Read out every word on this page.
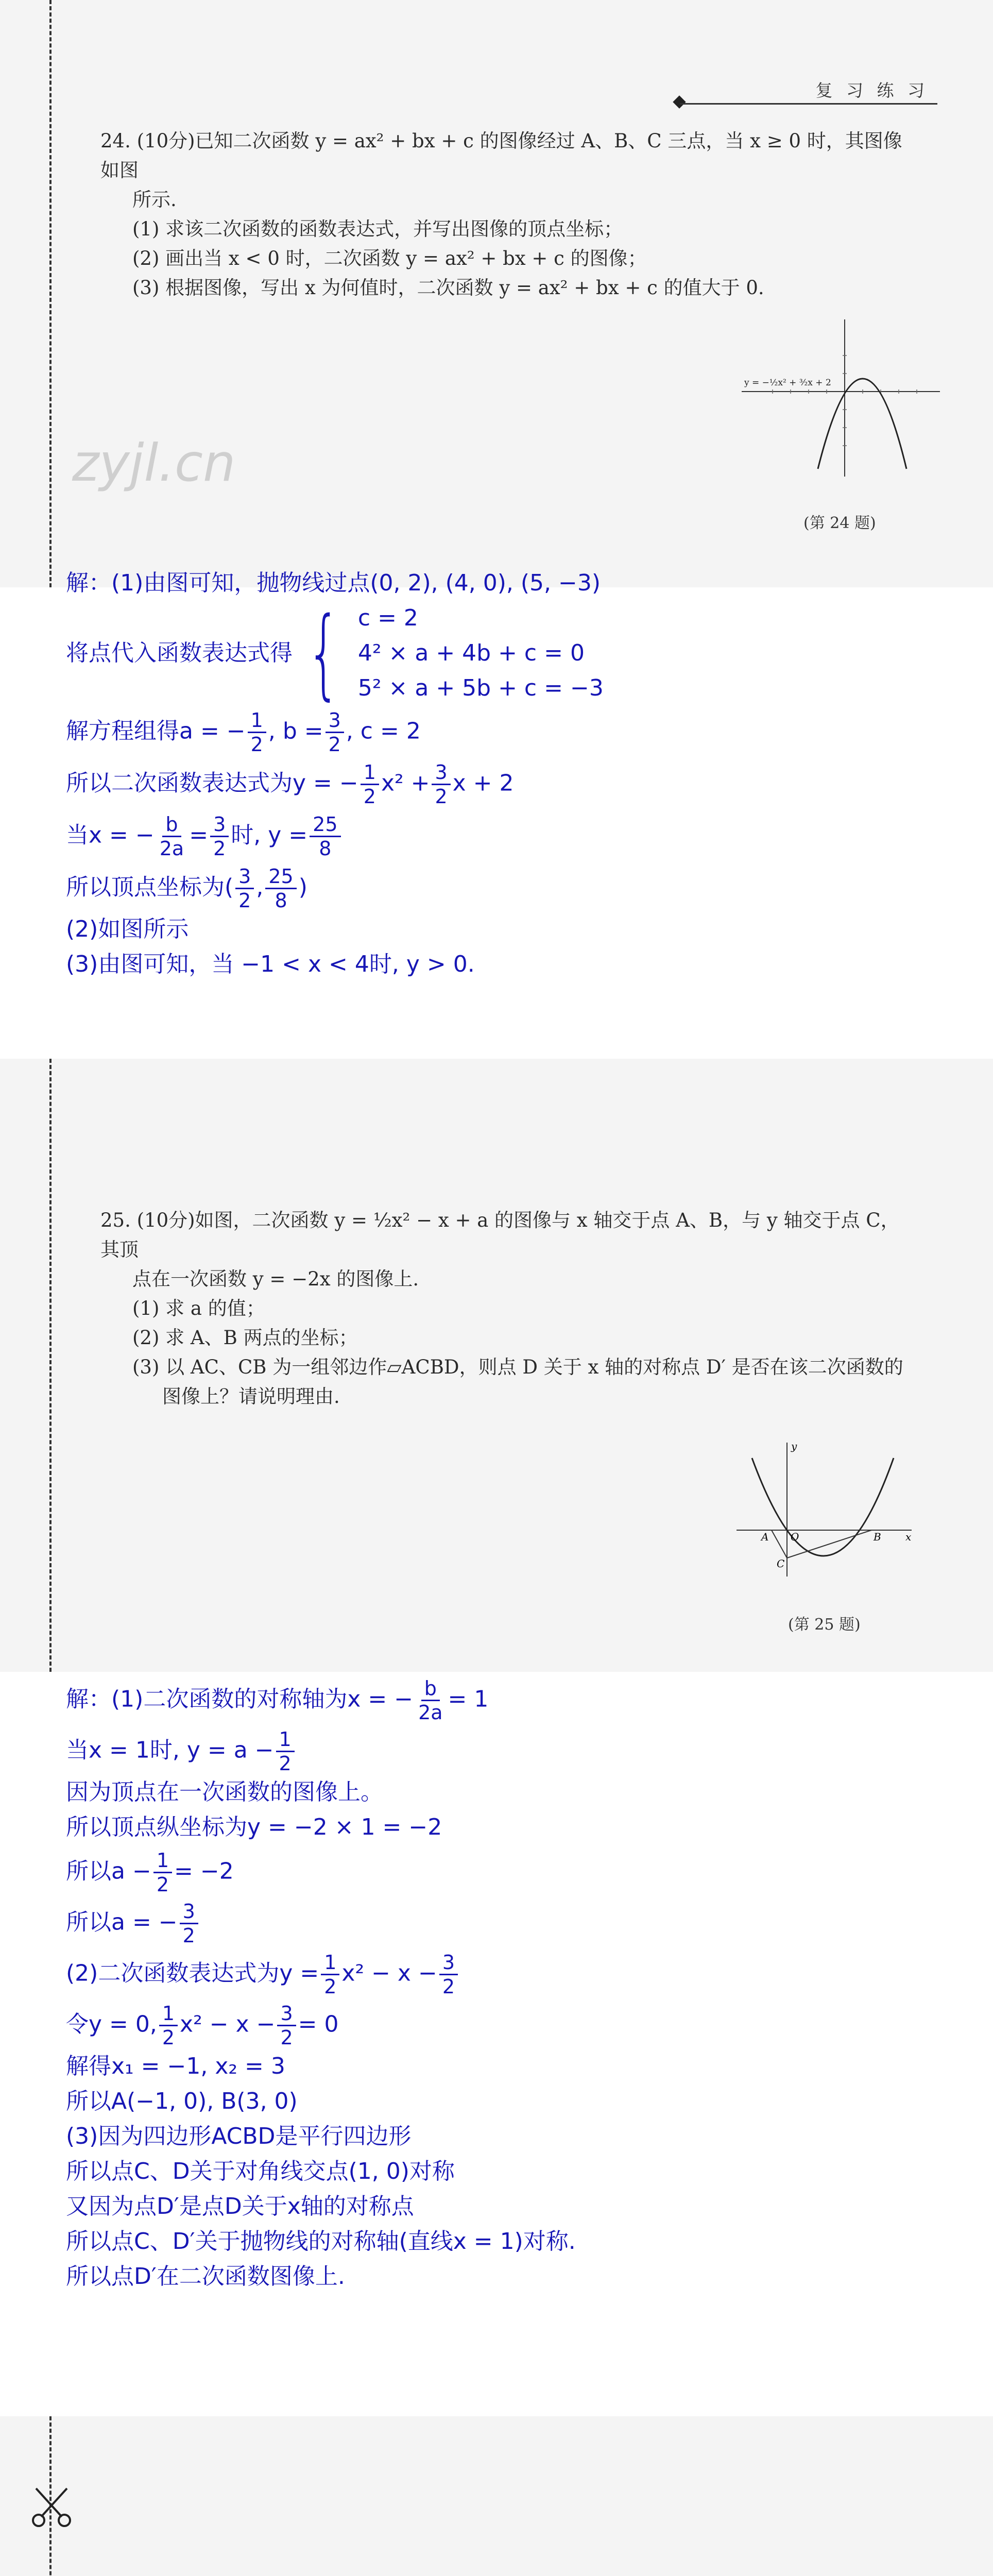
复 习 练 习
zyjl.cn

24. (10分)已知二次函数 y = ax² + bx + c 的图像经过 A、B、C 三点，当 x ≥ 0 时，其图像如图

所示.

(1) 求该二次函数的函数表达式，并写出图像的顶点坐标；

(2) 画出当 x < 0 时，二次函数 y = ax² + bx + c 的图像；

(3) 根据图像，写出 x 为何值时，二次函数 y = ax² + bx + c 的值大于 0.

y = −½x² + ³⁄₂x + 2
(第 24 题)
解：(1)由图可知，抛物线过点(0, 2), (4, 0), (5, −3)
将点代入函数表达式得 { c = 2
4² × a + 4b + c = 0
5² × a + 5b + c = −3
解方程组得a = − $\frac{1}{2}$ , $b = \frac{3}{2}$ , c = 2
所以二次函数表达式为y = − $\frac{1}{2} x^2 + \frac{3}{2}$ x + 2
当x = − $\frac{b}{2a} = \frac{3}{2}$ 时, $y = \frac{25}{8}$
所以顶点坐标为( $\frac{3}{2}$ , $\frac{25}{8}$ )
(2)如图所示
(3)由图可知，当 −1 < x < 4时, y > 0.

25. (10分)如图，二次函数 y = ½x² − x + a 的图像与 x 轴交于点 A、B，与 y 轴交于点 C，其顶

点在一次函数 y = −2x 的图像上.

(1) 求 a 的值；

(2) 求 A、B 两点的坐标；

(3) 以 AC、CB 为一组邻边作▱ACBD，则点 D 关于 x 轴的对称点 D′ 是否在该二次函数的

图像上？请说明理由.

A O	B
C
y
x
(第 25 题)
解：(1)二次函数的对称轴为x = − $\frac{b}{2a} = 1$
当x = 1时, $y = a - \frac{1}{2}$
因为顶点在一次函数的图像上。
所以顶点纵坐标为y = −2 × 1 = −2
所以$a - \frac{1}{2} = -2$
所以a = − $\frac{3}{2}$
(2)二次函数表达式为$y = \frac{1}{2} x^2 - x - \frac{3}{2}$
令y = 0, $\frac{1}{2} x^2 - x - \frac{3}{2} = 0$
解得x₁ = −1, x₂ = 3
所以A(−1, 0), B(3, 0)
(3)因为四边形ACBD是平行四边形
所以点C、D关于对角线交点(1, 0)对称
又因为点D′是点D关于x轴的对称点
所以点C、D′关于抛物线的对称轴(直线x = 1)对称.
所以点D′在二次函数图像上.
